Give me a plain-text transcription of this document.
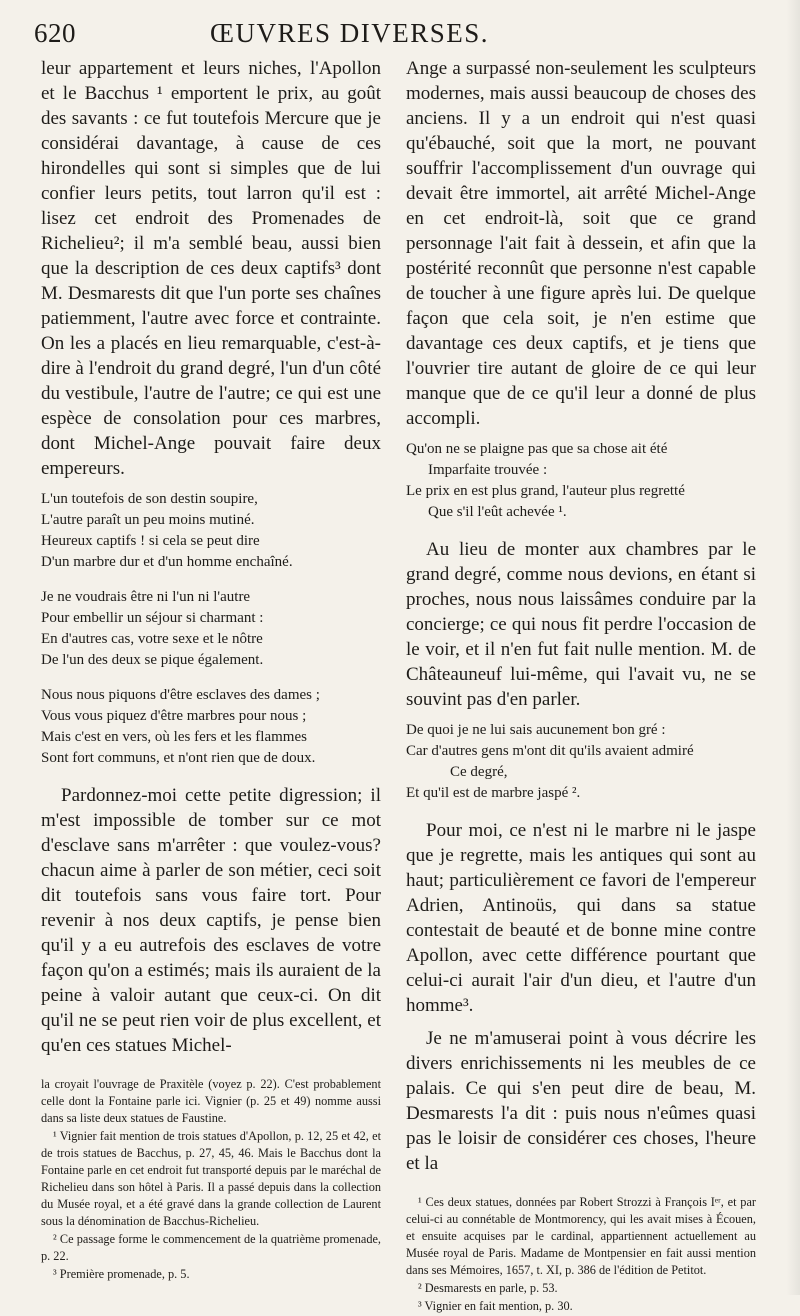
620	ŒUVRES DIVERSES.

leur appartement et leurs niches, l'Apollon et le Bacchus ¹ emportent le prix, au goût des savants : ce fut toutefois Mercure que je considérai davantage, à cause de ces hirondelles qui sont si simples que de lui confier leurs petits, tout larron qu'il est : lisez cet endroit des Promenades de Richelieu²; il m'a semblé beau, aussi bien que la description de ces deux captifs³ dont M. Desmarests dit que l'un porte ses chaînes patiemment, l'autre avec force et contrainte. On les a placés en lieu remarquable, c'est-à-dire à l'endroit du grand degré, l'un d'un côté du vestibule, l'autre de l'autre; ce qui est une espèce de consolation pour ces marbres, dont Michel-Ange pouvait faire deux empereurs.

L'un toutefois de son destin soupire,
L'autre paraît un peu moins mutiné.
Heureux captifs ! si cela se peut dire
D'un marbre dur et d'un homme enchaîné.
Je ne voudrais être ni l'un ni l'autre
Pour embellir un séjour si charmant :
En d'autres cas, votre sexe et le nôtre
De l'un des deux se pique également.
Nous nous piquons d'être esclaves des dames ;
Vous vous piquez d'être marbres pour nous ;
Mais c'est en vers, où les fers et les flammes
Sont fort communs, et n'ont rien que de doux.

Pardonnez-moi cette petite digression; il m'est impossible de tomber sur ce mot d'esclave sans m'arrêter : que voulez-vous? chacun aime à parler de son métier, ceci soit dit toutefois sans vous faire tort. Pour revenir à nos deux captifs, je pense bien qu'il y a eu autrefois des esclaves de votre façon qu'on a estimés; mais ils auraient de la peine à valoir autant que ceux-ci. On dit qu'il ne se peut rien voir de plus excellent, et qu'en ces statues Michel-

la croyait l'ouvrage de Praxitèle (voyez p. 22). C'est probablement celle dont la Fontaine parle ici. Vignier (p. 25 et 49) nomme aussi dans sa liste deux statues de Faustine.

¹ Vignier fait mention de trois statues d'Apollon, p. 12, 25 et 42, et de trois statues de Bacchus, p. 27, 45, 46. Mais le Bacchus dont la Fontaine parle en cet endroit fut transporté depuis par le maréchal de Richelieu dans son hôtel à Paris. Il a passé depuis dans la collection du Musée royal, et a été gravé dans la grande collection de Laurent sous la dénomination de Bacchus-Richelieu.

² Ce passage forme le commencement de la quatrième promenade, p. 22.

³ Première promenade, p. 5.

Ange a surpassé non-seulement les sculpteurs modernes, mais aussi beaucoup de choses des anciens. Il y a un endroit qui n'est quasi qu'ébauché, soit que la mort, ne pouvant souffrir l'accomplissement d'un ouvrage qui devait être immortel, ait arrêté Michel-Ange en cet endroit-là, soit que ce grand personnage l'ait fait à dessein, et afin que la postérité reconnût que personne n'est capable de toucher à une figure après lui. De quelque façon que cela soit, je n'en estime que davantage ces deux captifs, et je tiens que l'ouvrier tire autant de gloire de ce qui leur manque que de ce qu'il leur a donné de plus accompli.

Qu'on ne se plaigne pas que sa chose ait été
Imparfaite trouvée :
Le prix en est plus grand, l'auteur plus regretté
Que s'il l'eût achevée ¹.

Au lieu de monter aux chambres par le grand degré, comme nous devions, en étant si proches, nous nous laissâmes conduire par la concierge; ce qui nous fit perdre l'occasion de le voir, et il n'en fut fait nulle mention. M. de Châteauneuf lui-même, qui l'avait vu, ne se souvint pas d'en parler.

De quoi je ne lui sais aucunement bon gré :
Car d'autres gens m'ont dit qu'ils avaient admiré
Ce degré,
Et qu'il est de marbre jaspé ².

Pour moi, ce n'est ni le marbre ni le jaspe que je regrette, mais les antiques qui sont au haut; particulièrement ce favori de l'empereur Adrien, Antinoüs, qui dans sa statue contestait de beauté et de bonne mine contre Apollon, avec cette différence pourtant que celui-ci aurait l'air d'un dieu, et l'autre d'un homme³.

Je ne m'amuserai point à vous décrire les divers enrichissements ni les meubles de ce palais. Ce qui s'en peut dire de beau, M. Desmarests l'a dit : puis nous n'eûmes quasi pas le loisir de considérer ces choses, l'heure et la

¹ Ces deux statues, données par Robert Strozzi à François Iᵉʳ, et par celui-ci au connétable de Montmorency, qui les avait mises à Écouen, et ensuite acquises par le cardinal, appartiennent actuellement au Musée royal de Paris. Madame de Montpensier en fait aussi mention dans ses Mémoires, 1657, t. XI, p. 386 de l'édition de Petitot.

² Desmarests en parle, p. 53.

³ Vignier en fait mention, p. 30.
